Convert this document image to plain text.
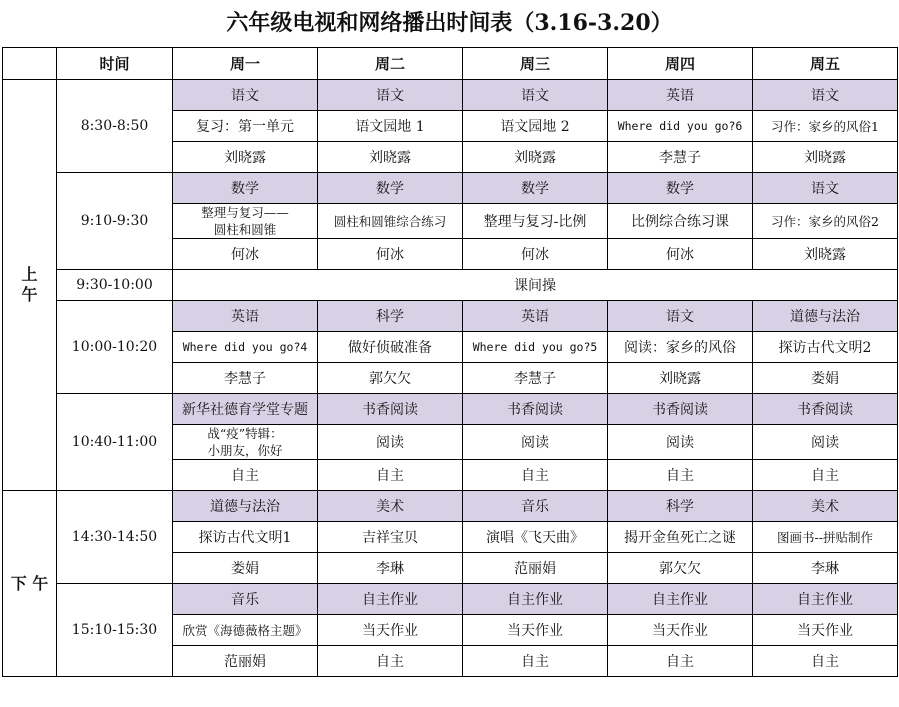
六年级电视和网络播出时间表（3.16-3.20）
	时间	周一	周二	周三	周四	周五
上
午	8:30-8:50	语文	语文	语文	英语	语文
		复习：第一单元	语文园地 1	语文园地 2	Where did you go?6	习作：家乡的风俗1
		刘晓露	刘晓露	刘晓露	李慧子	刘晓露
	9:10-9:30	数学	数学	数学	数学	语文
		整理与复习——
圆柱和圆锥	圆柱和圆锥综合练习	整理与复习-比例	比例综合练习课	习作：家乡的风俗2
		何冰	何冰	何冰	何冰	刘晓露
	9:30-10:00	课间操				
	10:00-10:20	英语	科学	英语	语文	道德与法治
		Where did you go?4	做好侦破准备	Where did you go?5	阅读：家乡的风俗	探访古代文明2
		李慧子	郭欠欠	李慧子	刘晓露	娄娟
	10:40-11:00	新华社德育学堂专题	书香阅读	书香阅读	书香阅读	书香阅读
		战“疫”特辑：
小朋友，你好	阅读	阅读	阅读	阅读
		自主	自主	自主	自主	自主
下 午	14:30-14:50	道德与法治	美术	音乐	科学	美术
		探访古代文明1	吉祥宝贝	演唱《飞天曲》	揭开金鱼死亡之谜	图画书--拼贴制作
		娄娟	李琳	范丽娟	郭欠欠	李琳
	15:10-15:30	音乐	自主作业	自主作业	自主作业	自主作业
		欣赏《海德薇格主题》	当天作业	当天作业	当天作业	当天作业
		范丽娟	自主	自主	自主	自主
